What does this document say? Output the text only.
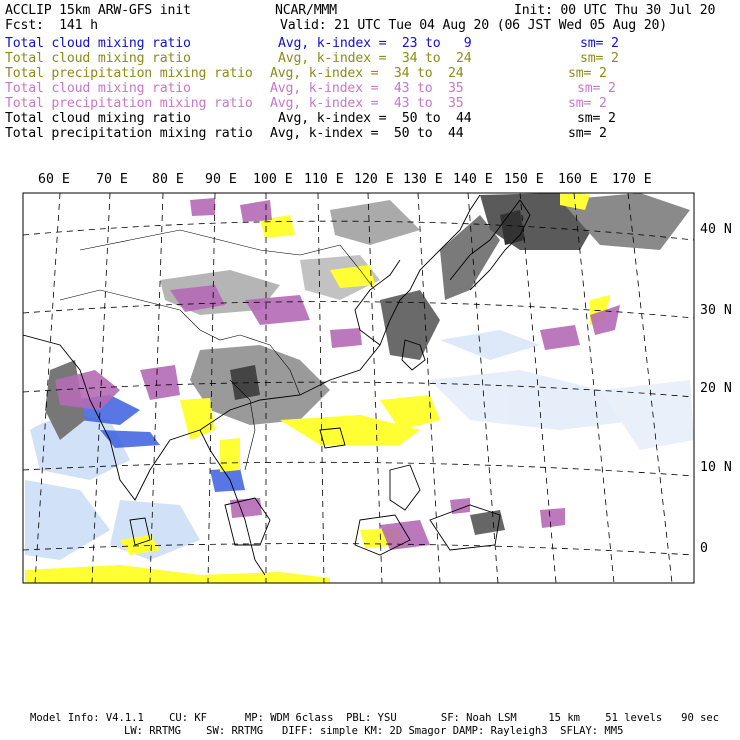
ACCLIP 15km ARW-GFS init	NCAR/MMM	Init: 00 UTC Thu 30 Jul 20
Fcst:  141 h	Valid: 21 UTC Tue 04 Aug 20 (06 JST Wed 05 Aug 20)
Total cloud mixing ratio	Avg, k-index =  23 to   9	sm= 2
Total cloud mixing ratio	Avg, k-index =  34 to  24	sm= 2
Total precipitation mixing ratio Avg, k-index =  34 to  24	sm= 2
Total cloud mixing ratio	Avg, k-index =  43 to  35	sm= 2
Total precipitation mixing ratio Avg, k-index =  43 to  35	sm= 2
Total cloud mixing ratio	Avg, k-index =  50 to  44	sm= 2
Total precipitation mixing ratio Avg, k-index =  50 to  44	sm= 2
60 E 70 E 80 E 90 E 100 E 110 E 120 E 130 E 140 E 150 E 160 E 170 E
40 N
30 N
20 N
10 N
0
Model Info: V4.1.1    CU: KF      MP: WDM 6class  PBL: YSU       SF: Noah LSM     15 km    51 levels   90 sec
LW: RRTMG    SW: RRTMG   DIFF: simple KM: 2D Smagor DAMP: Rayleigh3  SFLAY: MM5
